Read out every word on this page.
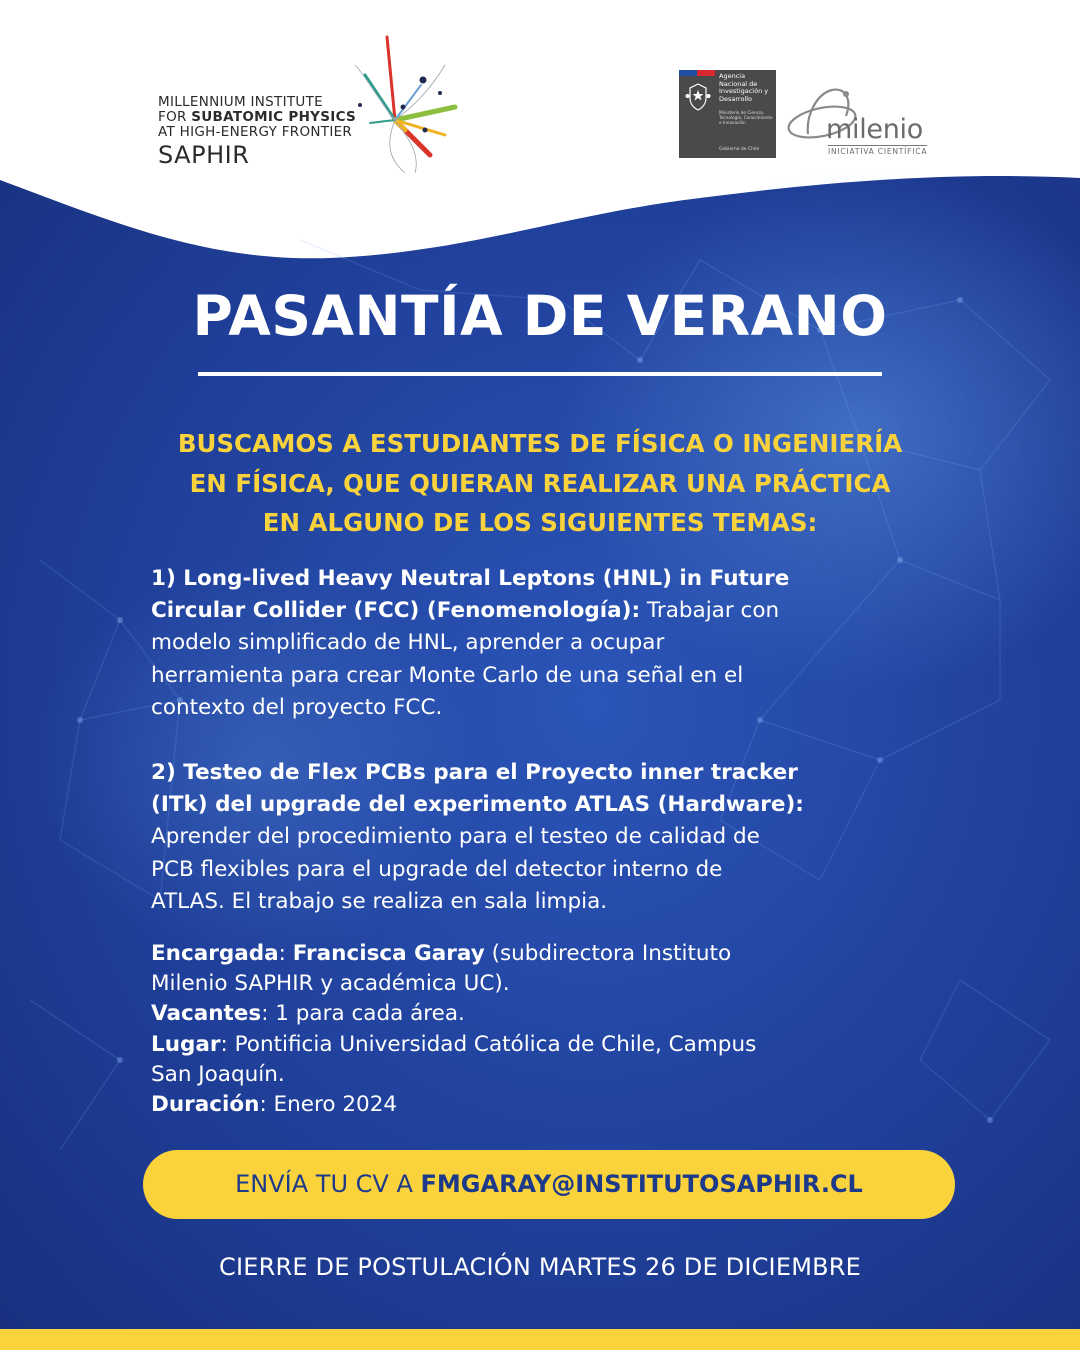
MILLENNIUM INSTITUTE
FOR SUBATOMIC PHYSICS
AT HIGH-ENERGY FRONTIER
SAPHIR
Agencia Nacional de Investigación y Desarrollo
Ministerio de Ciencia, Tecnología, Conocimiento e Innovación
Gobierno de Chile
milenio
INICIATIVA CIENTÍFICA
PASANTÍA DE VERANO
BUSCAMOS A ESTUDIANTES DE FÍSICA O INGENIERÍA
EN FÍSICA, QUE QUIERAN REALIZAR UNA PRÁCTICA
EN ALGUNO DE LOS SIGUIENTES TEMAS:
1) Long-lived Heavy Neutral Leptons (HNL) in Future
Circular Collider (FCC) (Fenomenología): Trabajar con
modelo simplificado de HNL, aprender a ocupar
herramienta para crear Monte Carlo de una señal en el
contexto del proyecto FCC.
2) Testeo de Flex PCBs para el Proyecto inner tracker
(ITk) del upgrade del experimento ATLAS (Hardware):
Aprender del procedimiento para el testeo de calidad de
PCB flexibles para el upgrade del detector interno de
ATLAS. El trabajo se realiza en sala limpia.
Encargada: Francisca Garay (subdirectora Instituto
Milenio SAPHIR y académica UC).
Vacantes: 1 para cada área.
Lugar: Pontificia Universidad Católica de Chile, Campus
San Joaquín.
Duración: Enero 2024
ENVÍA TU CV A FMGARAY@INSTITUTOSAPHIR.CL
CIERRE DE POSTULACIÓN MARTES 26 DE DICIEMBRE
